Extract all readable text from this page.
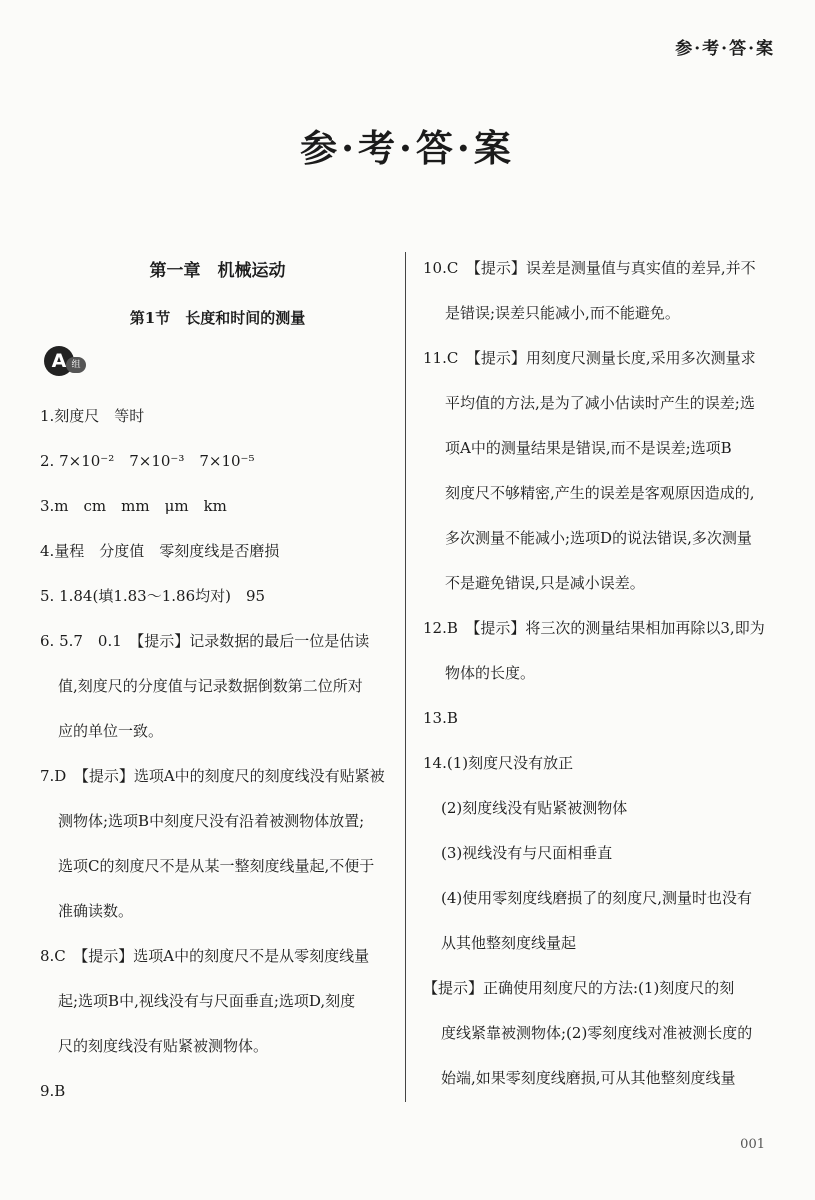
参·考·答·案
参·考·答·案
第一章　机械运动
第1节　长度和时间的测量
A 组
1.刻度尺　等时
2. 7×10⁻²　7×10⁻³　7×10⁻⁵
3.m　cm　mm　μm　km
4.量程　分度值　零刻度线是否磨损
5. 1.84(填1.83～1.86均对)　95
6. 5.7　0.1　【提示】记录数据的最后一位是估读
值,刻度尺的分度值与记录数据倒数第二位所对
应的单位一致。
7.D　【提示】选项A中的刻度尺的刻度线没有贴紧被
测物体;选项B中刻度尺没有沿着被测物体放置;
选项C的刻度尺不是从某一整刻度线量起,不便于
准确读数。
8.C　【提示】选项A中的刻度尺不是从零刻度线量
起;选项B中,视线没有与尺面垂直;选项D,刻度
尺的刻度线没有贴紧被测物体。
9.B
10.C　【提示】误差是测量值与真实值的差异,并不
是错误;误差只能减小,而不能避免。
11.C　【提示】用刻度尺测量长度,采用多次测量求
平均值的方法,是为了减小估读时产生的误差;选
项A中的测量结果是错误,而不是误差;选项B
刻度尺不够精密,产生的误差是客观原因造成的,
多次测量不能减小;选项D的说法错误,多次测量
不是避免错误,只是减小误差。
12.B　【提示】将三次的测量结果相加再除以3,即为
物体的长度。
13.B
14.(1)刻度尺没有放正
(2)刻度线没有贴紧被测物体
(3)视线没有与尺面相垂直
(4)使用零刻度线磨损了的刻度尺,测量时也没有
从其他整刻度线量起
【提示】正确使用刻度尺的方法:(1)刻度尺的刻
度线紧靠被测物体;(2)零刻度线对准被测长度的
始端,如果零刻度线磨损,可从其他整刻度线量
001
